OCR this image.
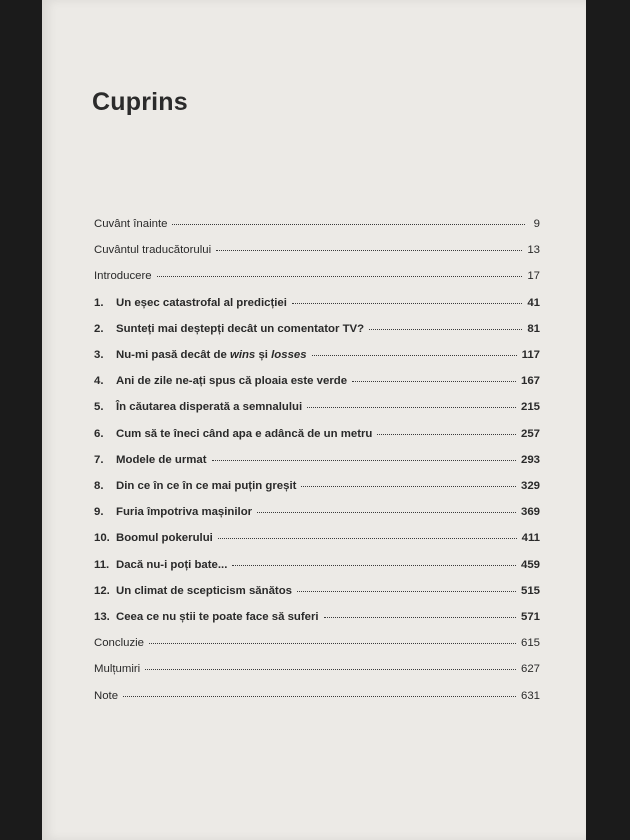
Cuprins
Cuvânt înainte	9
Cuvântul traducătorului	13
Introducere	17
1.	Un eșec catastrofal al predicției	41
2.	Sunteți mai deștepți decât un comentator TV?	81
3.	Nu-mi pasă decât de wins și losses	117
4.	Ani de zile ne-ați spus că ploaia este verde	167
5.	În căutarea disperată a semnalului	215
6.	Cum să te îneci când apa e adâncă de un metru	257
7.	Modele de urmat	293
8.	Din ce în ce în ce mai puțin greșit	329
9.	Furia împotriva mașinilor	369
10. Boomul pokerului	411
11. Dacă nu-i poți bate...	459
12. Un climat de scepticism sănătos	515
13. Ceea ce nu știi te poate face să suferi	571
Concluzie	615
Mulțumiri	627
Note	631
